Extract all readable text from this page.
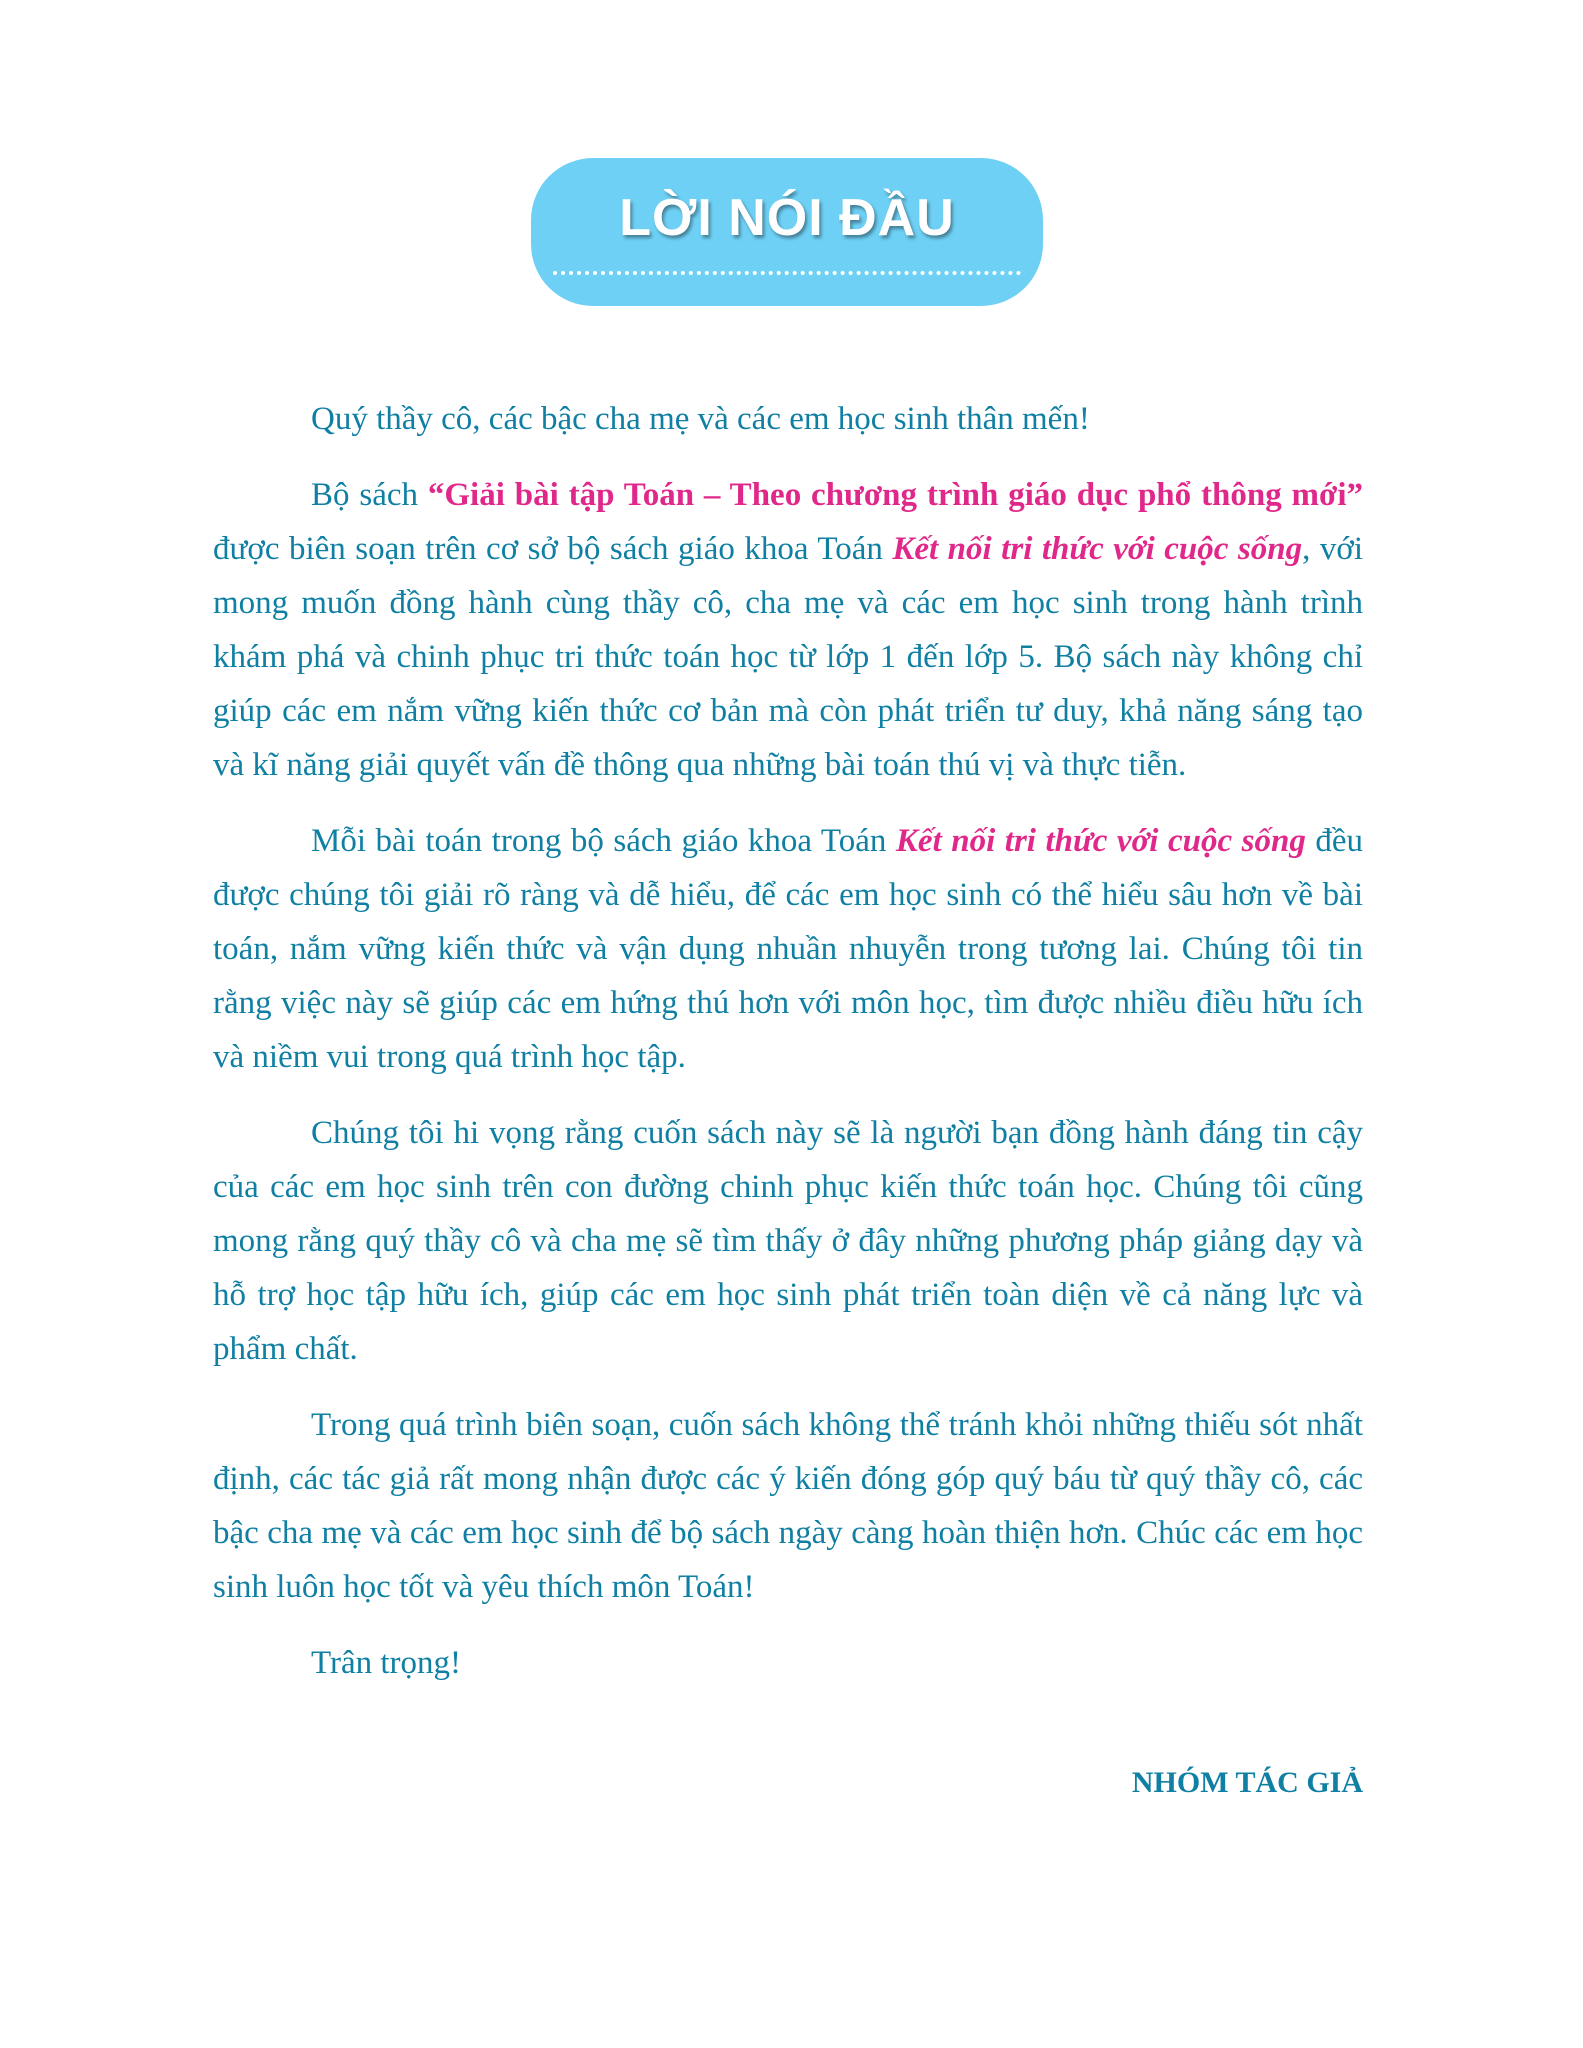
LỜI NÓI ĐẦU

Quý thầy cô, các bậc cha mẹ và các em học sinh thân mến!

Bộ sách “Giải bài tập Toán – Theo chương trình giáo dục phổ thông mới” được biên soạn trên cơ sở bộ sách giáo khoa Toán Kết nối tri thức với cuộc sống, với mong muốn đồng hành cùng thầy cô, cha mẹ và các em học sinh trong hành trình khám phá và chinh phục tri thức toán học từ lớp 1 đến lớp 5. Bộ sách này không chỉ giúp các em nắm vững kiến thức cơ bản mà còn phát triển tư duy, khả năng sáng tạo và kĩ năng giải quyết vấn đề thông qua những bài toán thú vị và thực tiễn.

Mỗi bài toán trong bộ sách giáo khoa Toán Kết nối tri thức với cuộc sống đều được chúng tôi giải rõ ràng và dễ hiểu, để các em học sinh có thể hiểu sâu hơn về bài toán, nắm vững kiến thức và vận dụng nhuần nhuyễn trong tương lai. Chúng tôi tin rằng việc này sẽ giúp các em hứng thú hơn với môn học, tìm được nhiều điều hữu ích và niềm vui trong quá trình học tập.

Chúng tôi hi vọng rằng cuốn sách này sẽ là người bạn đồng hành đáng tin cậy của các em học sinh trên con đường chinh phục kiến thức toán học. Chúng tôi cũng mong rằng quý thầy cô và cha mẹ sẽ tìm thấy ở đây những phương pháp giảng dạy và hỗ trợ học tập hữu ích, giúp các em học sinh phát triển toàn diện về cả năng lực và phẩm chất.

Trong quá trình biên soạn, cuốn sách không thể tránh khỏi những thiếu sót nhất định, các tác giả rất mong nhận được các ý kiến đóng góp quý báu từ quý thầy cô, các bậc cha mẹ và các em học sinh để bộ sách ngày càng hoàn thiện hơn. Chúc các em học sinh luôn học tốt và yêu thích môn Toán!

Trân trọng!
NHÓM TÁC GIẢ
